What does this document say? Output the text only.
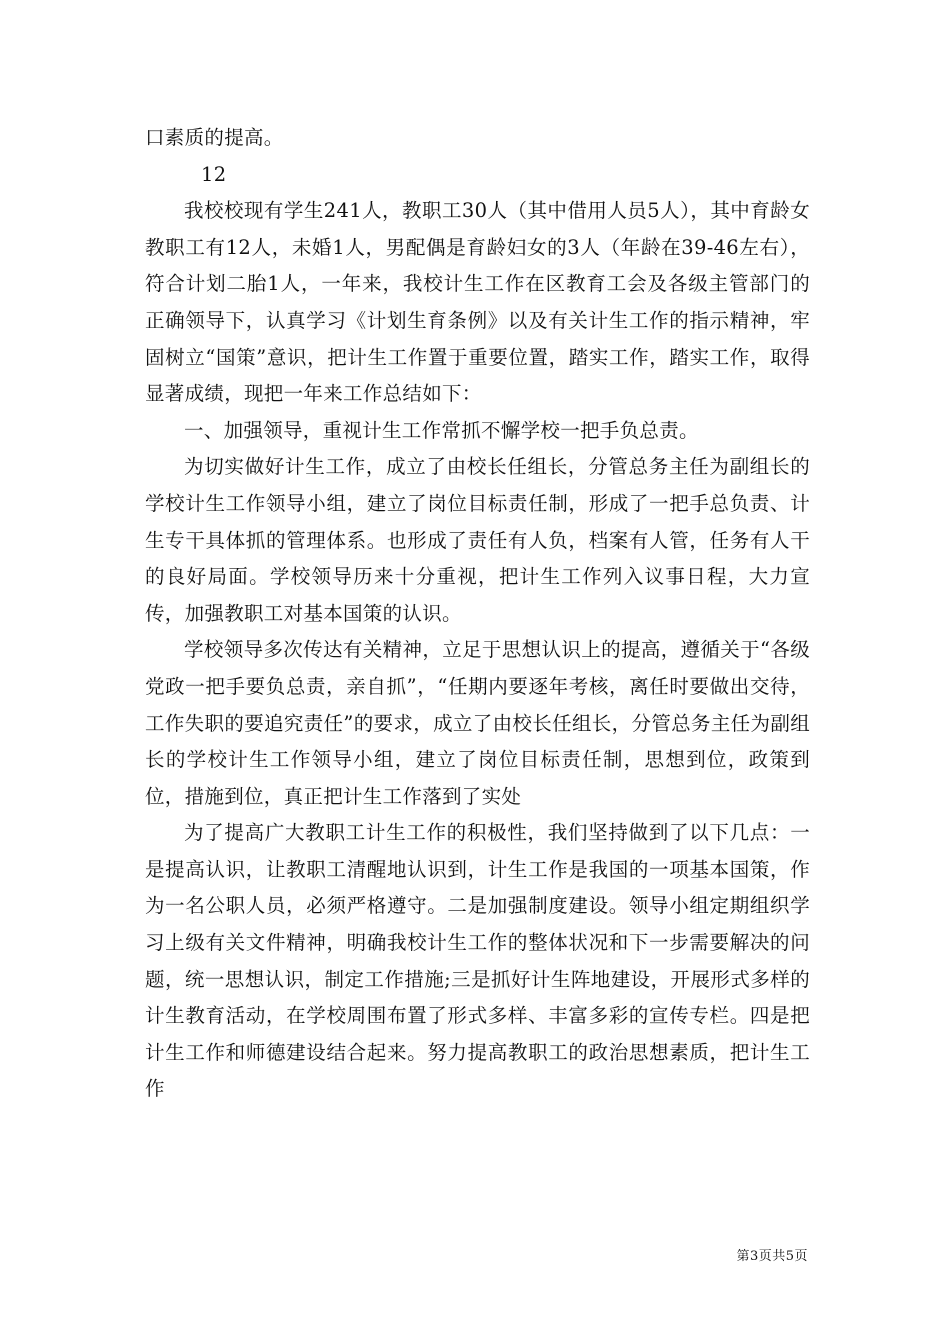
口素质的提高。

12

我校校现有学生241人，教职工30人（其中借用人员5人），其中育龄女教职工有12人，未婚1人，男配偶是育龄妇女的3人（年龄在39-46左右），符合计划二胎1人，一年来，我校计生工作在区教育工会及各级主管部门的正确领导下，认真学习《计划生育条例》以及有关计生工作的指示精神，牢固树立“国策”意识，把计生工作置于重要位置，踏实工作，踏实工作，取得显著成绩，现把一年来工作总结如下：

一、加强领导，重视计生工作常抓不懈学校一把手负总责。

为切实做好计生工作，成立了由校长任组长，分管总务主任为副组长的学校计生工作领导小组，建立了岗位目标责任制，形成了一把手总负责、计生专干具体抓的管理体系。也形成了责任有人负，档案有人管，任务有人干的良好局面。学校领导历来十分重视，把计生工作列入议事日程，大力宣传，加强教职工对基本国策的认识。

学校领导多次传达有关精神，立足于思想认识上的提高，遵循关于“各级党政一把手要负总责，亲自抓”，“任期内要逐年考核，离任时要做出交待，工作失职的要追究责任”的要求，成立了由校长任组长，分管总务主任为副组长的学校计生工作领导小组，建立了岗位目标责任制，思想到位，政策到位，措施到位，真正把计生工作落到了实处

为了提高广大教职工计生工作的积极性，我们坚持做到了以下几点：一是提高认识，让教职工清醒地认识到，计生工作是我国的一项基本国策，作为一名公职人员，必须严格遵守。二是加强制度建设。领导小组定期组织学习上级有关文件精神，明确我校计生工作的整体状况和下一步需要解决的问题，统一思想认识，制定工作措施;三是抓好计生阵地建设，开展形式多样的计生教育活动，在学校周围布置了形式多样、丰富多彩的宣传专栏。四是把计生工作和师德建设结合起来。努力提高教职工的政治思想素质，把计生工作

第3页共5页
